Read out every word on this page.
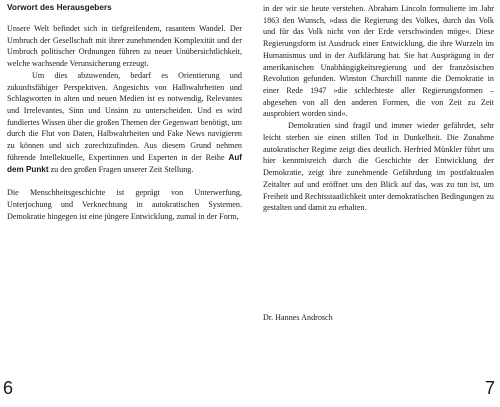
Vorwort des Herausgebers

Unsere Welt befindet sich in tiefgreifendem, rasantem Wandel. Der Umbruch der Gesellschaft mit ihrer zunehmenden Komplexität und der Umbruch politischer Ordnungen führen zu neuer Unübersichtlichkeit, welche wachsende Verunsicherung erzeugt.

Um dies abzuwenden, bedarf es Orientierung und zukunftsfähiger Perspektiven. Angesichts von Halbwahrheiten und Schlagworten in alten und neuen Medien ist es notwendig, Relevantes und Irrelevantes, Sinn und Unsinn zu unterscheiden. Und es wird fundiertes Wissen über die großen Themen der Gegenwart benötigt, um durch die Flut von Daten, Halbwahrheiten und Fake News navigieren zu können und sich zurechtzufinden. Aus diesem Grund nehmen führende Intellektuelle, Expertinnen und Experten in der Reihe Auf dem Punkt zu den großen Fragen unserer Zeit Stellung.

Die Menschheitsgeschichte ist geprägt von Unterwerfung, Unterjochung und Verknechtung in autokratischen Systemen. Demokratie hingegen ist eine jüngere Entwicklung, zumal in der Form,

6

in der wir sie heute verstehen. Abraham Lincoln formulierte im Jahr 1863 den Wunsch, »dass die Regierung des Volkes, durch das Volk und für das Volk nicht von der Erde verschwinden möge«. Diese Regierungsform ist Ausdruck einer Entwicklung, die ihre Wurzeln im Humanismus und in der Aufklärung hat. Sie hat Ausprägung in der amerikanischen Unabhängigkeitsregierung und der französischen Revolution gefunden. Winston Churchill nannte die Demokratie in einer Rede 1947 »die schlechteste aller Regierungsformen – abgesehen von all den anderen Formen, die von Zeit zu Zeit ausprobiert worden sind«.

Demokratien sind fragil und immer wieder gefährdet, sehr leicht sterben sie einen stillen Tod in Dunkelheit. Die Zunahme autokratischer Regime zeigt dies deutlich. Herfried Münkler führt uns hier kenntnisreich durch die Geschichte der Entwicklung der Demokratie, zeigt ihre zunehmende Gefährdung im postfaktualen Zeitalter auf und eröffnet uns den Blick auf das, was zu tun ist, um Freiheit und Rechtsstaatlichkeit unter demokratischen Bedingungen zu gestalten und damit zu erhalten.

Dr. Hannes Androsch
7
